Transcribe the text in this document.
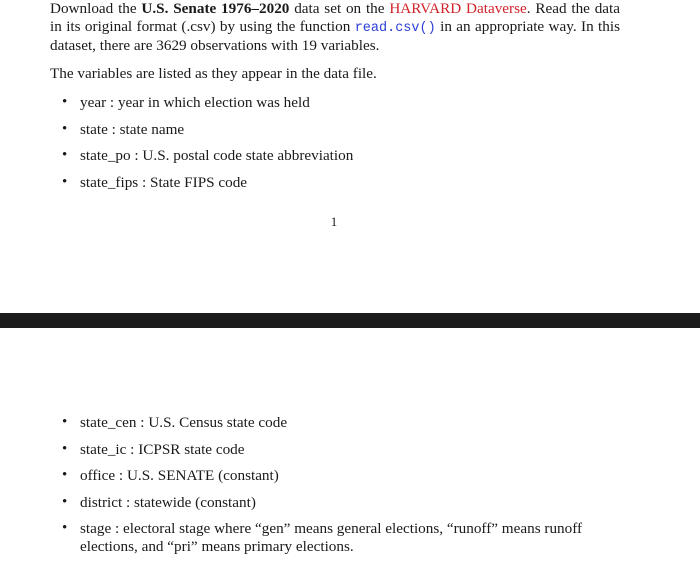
Download the U.S. Senate 1976–2020 data set on the HARVARD Dataverse. Read the data in its original format (.csv) by using the function read.csv() in an appropriate way. In this dataset, there are 3629 observations with 19 variables.
The variables are listed as they appear in the data file.
• year : year in which election was held
• state : state name
• state_po : U.S. postal code state abbreviation
• state_fips : State FIPS code
1
• state_cen : U.S. Census state code
• state_ic : ICPSR state code
• office : U.S. SENATE (constant)
• district : statewide (constant)
• stage : electoral stage where “gen” means general elections, “runoff” means runoff elections, and “pri” means primary elections.
